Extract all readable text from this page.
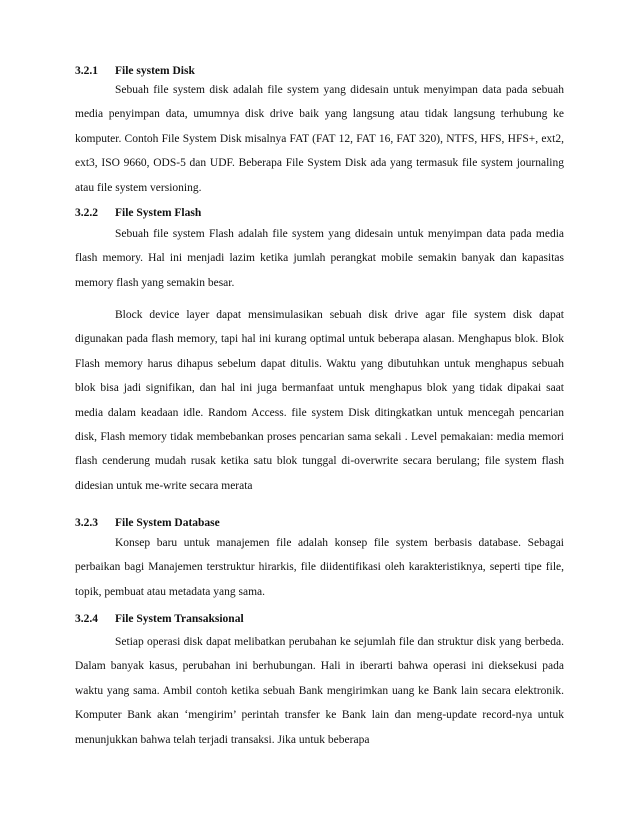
3.2.1 File system Disk
Sebuah file system disk adalah file system yang didesain untuk menyimpan data pada sebuah media penyimpan data, umumnya disk drive baik yang langsung atau tidak langsung terhubung ke komputer. Contoh File System Disk misalnya FAT (FAT 12, FAT 16, FAT 320), NTFS, HFS, HFS+, ext2, ext3, ISO 9660, ODS-5 dan UDF. Beberapa File System Disk ada yang termasuk file system journaling atau file system versioning.
3.2.2 File System Flash
Sebuah file system Flash adalah file system yang didesain untuk menyimpan data pada media flash memory. Hal ini menjadi lazim ketika jumlah perangkat mobile semakin banyak dan kapasitas memory flash yang semakin besar.
Block device layer dapat mensimulasikan sebuah disk drive agar file system disk dapat digunakan pada flash memory, tapi hal ini kurang optimal untuk beberapa alasan. Menghapus blok. Blok Flash memory harus dihapus sebelum dapat ditulis. Waktu yang dibutuhkan untuk menghapus sebuah blok bisa jadi signifikan, dan hal ini juga bermanfaat untuk menghapus blok yang tidak dipakai saat media dalam keadaan idle. Random Access. file system Disk ditingkatkan untuk mencegah pencarian disk, Flash memory tidak membebankan proses pencarian sama sekali . Level pemakaian: media memori flash cenderung mudah rusak ketika satu blok tunggal di-overwrite secara berulang; file system flash didesian untuk me-write secara merata
3.2.3 File System Database
Konsep baru untuk manajemen file adalah konsep file system berbasis database. Sebagai perbaikan bagi Manajemen terstruktur hirarkis, file diidentifikasi oleh karakteristiknya, seperti tipe file, topik, pembuat atau metadata yang sama.
3.2.4 File System Transaksional
Setiap operasi disk dapat melibatkan perubahan ke sejumlah file dan struktur disk yang berbeda. Dalam banyak kasus, perubahan ini berhubungan. Hali in iberarti bahwa operasi ini dieksekusi pada waktu yang sama. Ambil contoh ketika sebuah Bank mengirimkan uang ke Bank lain secara elektronik. Komputer Bank akan ‘mengirim’ perintah transfer ke Bank lain dan meng-update record-nya untuk menunjukkan bahwa telah terjadi transaksi. Jika untuk beberapa
